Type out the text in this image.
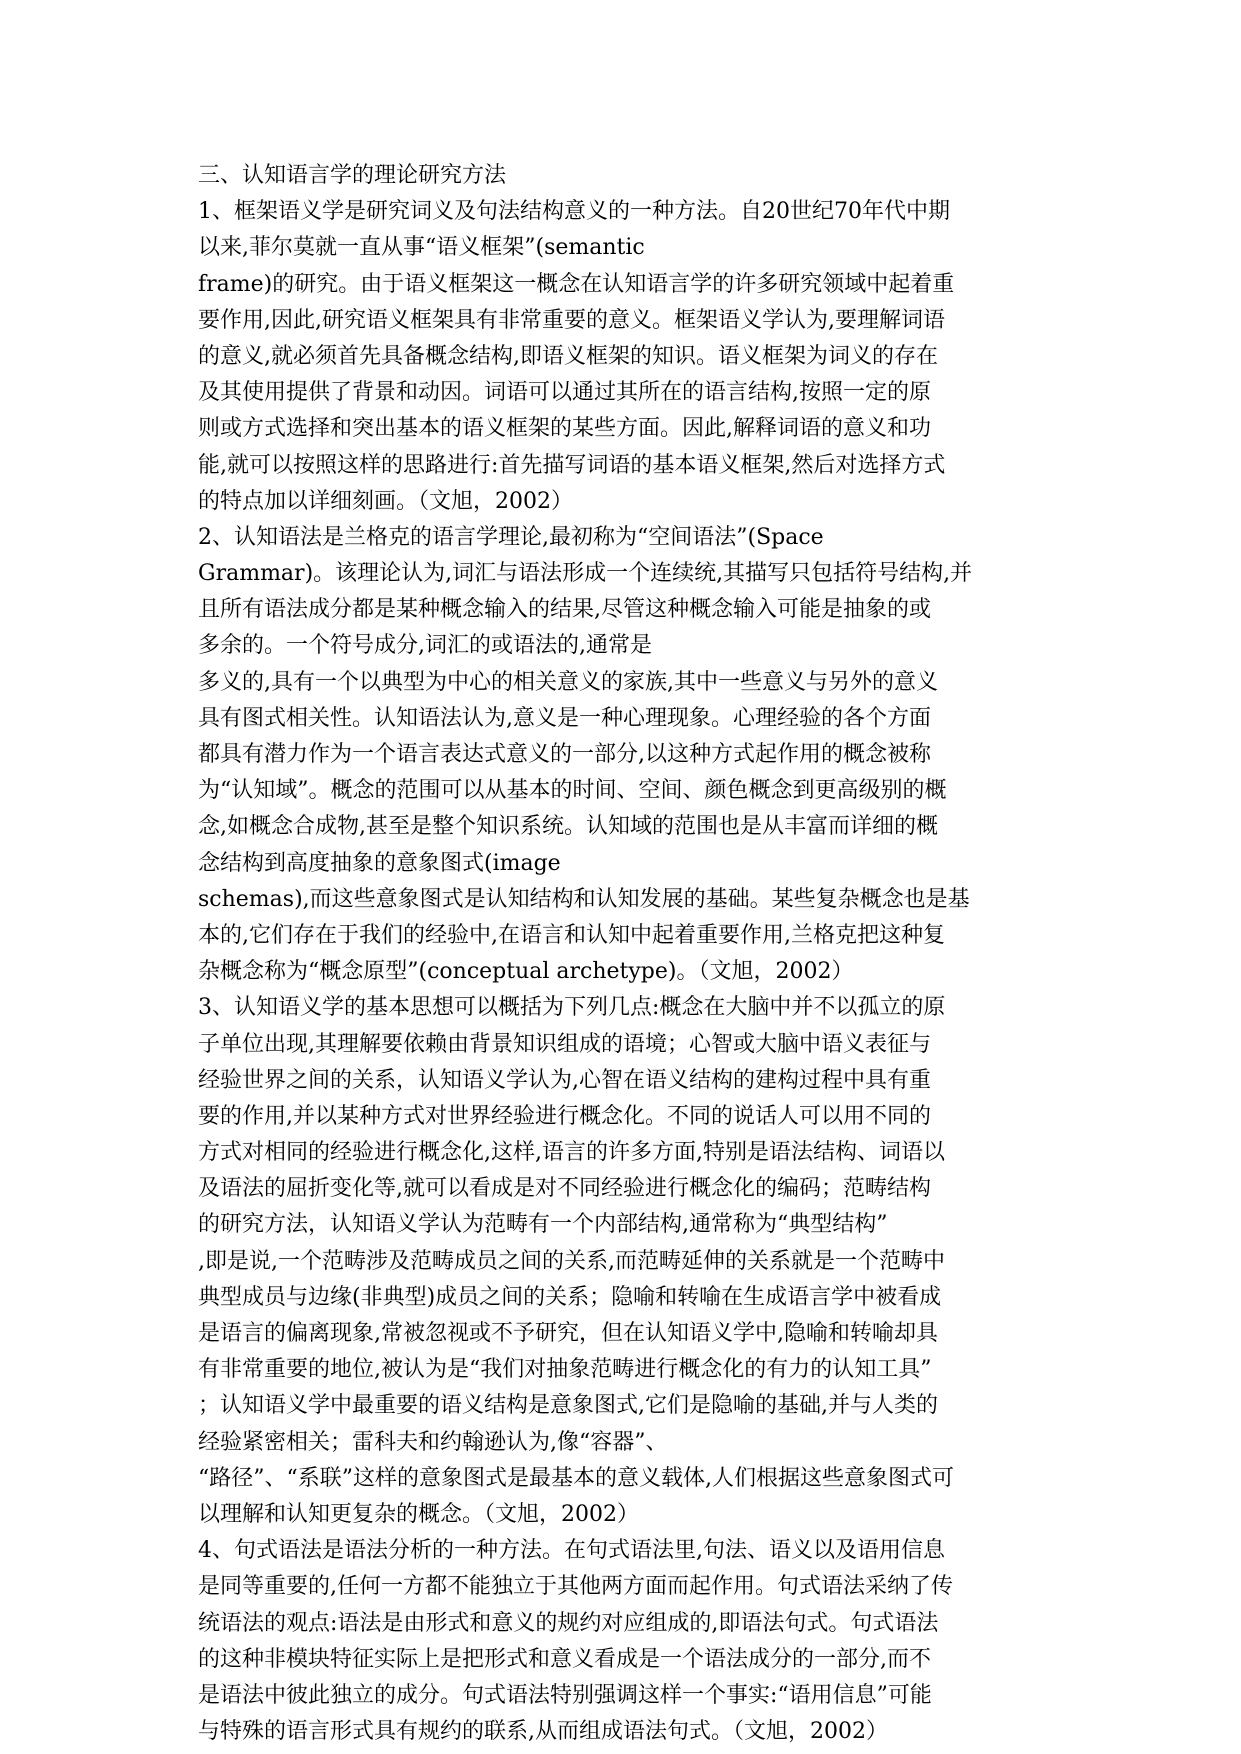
三、认知语言学的理论研究方法
1、框架语义学是研究词义及句法结构意义的一种方法。自20世纪70年代中期
以来,菲尔莫就一直从事“语义框架”(semantic
frame)的研究。由于语义框架这一概念在认知语言学的许多研究领域中起着重
要作用,因此,研究语义框架具有非常重要的意义。框架语义学认为,要理解词语
的意义,就必须首先具备概念结构,即语义框架的知识。语义框架为词义的存在
及其使用提供了背景和动因。词语可以通过其所在的语言结构,按照一定的原
则或方式选择和突出基本的语义框架的某些方面。因此,解释词语的意义和功
能,就可以按照这样的思路进行:首先描写词语的基本语义框架,然后对选择方式
的特点加以详细刻画。（文旭，2002）
2、认知语法是兰格克的语言学理论,最初称为“空间语法”(Space
Grammar)。该理论认为,词汇与语法形成一个连续统,其描写只包括符号结构,并
且所有语法成分都是某种概念输入的结果,尽管这种概念输入可能是抽象的或
多余的。一个符号成分,词汇的或语法的,通常是
多义的,具有一个以典型为中心的相关意义的家族,其中一些意义与另外的意义
具有图式相关性。认知语法认为,意义是一种心理现象。心理经验的各个方面
都具有潜力作为一个语言表达式意义的一部分,以这种方式起作用的概念被称
为“认知域”。概念的范围可以从基本的时间、空间、颜色概念到更高级别的概
念,如概念合成物,甚至是整个知识系统。认知域的范围也是从丰富而详细的概
念结构到高度抽象的意象图式(image
schemas),而这些意象图式是认知结构和认知发展的基础。某些复杂概念也是基
本的,它们存在于我们的经验中,在语言和认知中起着重要作用,兰格克把这种复
杂概念称为“概念原型”(conceptual archetype)。（文旭，2002）
3、认知语义学的基本思想可以概括为下列几点:概念在大脑中并不以孤立的原
子单位出现,其理解要依赖由背景知识组成的语境；心智或大脑中语义表征与
经验世界之间的关系，认知语义学认为,心智在语义结构的建构过程中具有重
要的作用,并以某种方式对世界经验进行概念化。不同的说话人可以用不同的
方式对相同的经验进行概念化,这样,语言的许多方面,特别是语法结构、词语以
及语法的屈折变化等,就可以看成是对不同经验进行概念化的编码；范畴结构
的研究方法，认知语义学认为范畴有一个内部结构,通常称为“典型结构”
,即是说,一个范畴涉及范畴成员之间的关系,而范畴延伸的关系就是一个范畴中
典型成员与边缘(非典型)成员之间的关系；隐喻和转喻在生成语言学中被看成
是语言的偏离现象,常被忽视或不予研究，但在认知语义学中,隐喻和转喻却具
有非常重要的地位,被认为是“我们对抽象范畴进行概念化的有力的认知工具”
；认知语义学中最重要的语义结构是意象图式,它们是隐喻的基础,并与人类的
经验紧密相关；雷科夫和约翰逊认为,像“容器”、
“路径”、“系联”这样的意象图式是最基本的意义载体,人们根据这些意象图式可
以理解和认知更复杂的概念。（文旭，2002）
4、句式语法是语法分析的一种方法。在句式语法里,句法、语义以及语用信息
是同等重要的,任何一方都不能独立于其他两方面而起作用。句式语法采纳了传
统语法的观点:语法是由形式和意义的规约对应组成的,即语法句式。句式语法
的这种非模块特征实际上是把形式和意义看成是一个语法成分的一部分,而不
是语法中彼此独立的成分。句式语法特别强调这样一个事实:“语用信息”可能
与特殊的语言形式具有规约的联系,从而组成语法句式。（文旭，2002）
